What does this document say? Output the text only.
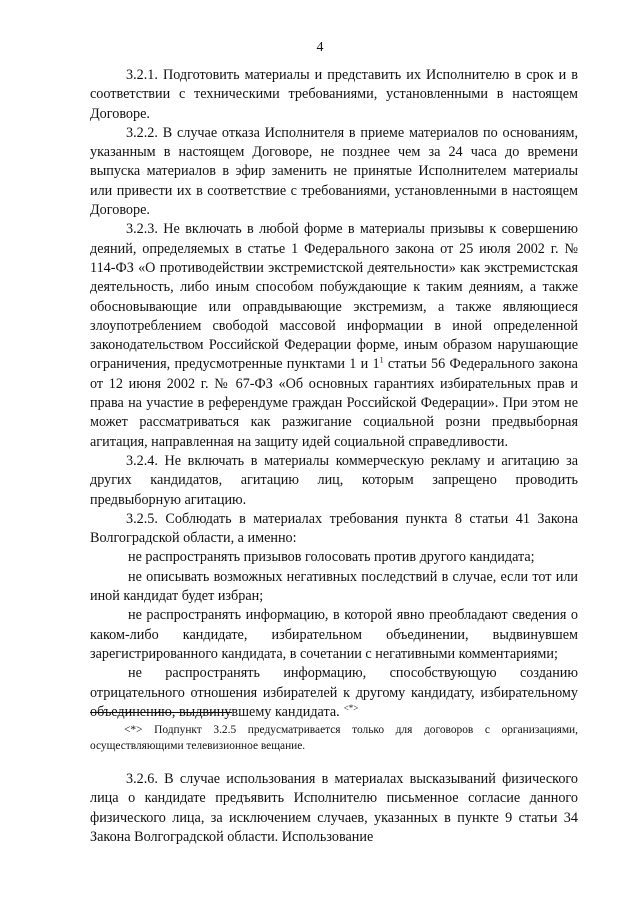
4

3.2.1. Подготовить материалы и представить их Исполнителю в срок и в соответствии с техническими требованиями, установленными в настоящем Договоре.

3.2.2. В случае отказа Исполнителя в приеме материалов по основаниям, указанным в настоящем Договоре, не позднее чем за 24 часа до времени выпуска материалов в эфир заменить не принятые Исполнителем материалы или привести их в соответствие с требованиями, установленными в настоящем Договоре.

3.2.3. Не включать в любой форме в материалы призывы к совершению деяний, определяемых в статье 1 Федерального закона от 25 июля 2002 г. № 114-ФЗ «О противодействии экстремистской деятельности» как экстремистская деятельность, либо иным способом побуждающие к таким деяниям, а также обосновывающие или оправдывающие экстремизм, а также являющиеся злоупотреблением свободой массовой информации в иной определенной законодательством Российской Федерации форме, иным образом нарушающие ограничения, предусмотренные пунктами 1 и $1^1$ статьи 56 Федерального закона от 12 июня 2002 г. № 67-ФЗ «Об основных гарантиях избирательных прав и права на участие в референдуме граждан Российской Федерации». При этом не может рассматриваться как разжигание социальной розни предвыборная агитация, направленная на защиту идей социальной справедливости.

3.2.4. Не включать в материалы коммерческую рекламу и агитацию за других кандидатов, агитацию лиц, которым запрещено проводить предвыборную агитацию.

3.2.5. Соблюдать в материалах требования пункта 8 статьи 41 Закона Волгоградской области, а именно:

не распространять призывов голосовать против другого кандидата;

не описывать возможных негативных последствий в случае, если тот или иной кандидат будет избран;

не распространять информацию, в которой явно преобладают сведения о каком-либо кандидате, избирательном объединении, выдвинувшем зарегистрированного кандидата, в сочетании с негативными комментариями;

не распространять информацию, способствующую созданию отрицательного отношения избирателей к другому кандидату, избирательному объединению, выдвинувшему кандидата. <*>

<*> Подпункт 3.2.5 предусматривается только для договоров с организациями, осуществляющими телевизионное вещание.

3.2.6. В случае использования в материалах высказываний физического лица о кандидате предъявить Исполнителю письменное согласие данного физического лица, за исключением случаев, указанных в пункте 9 статьи 34 Закона Волгоградской области. Использование
